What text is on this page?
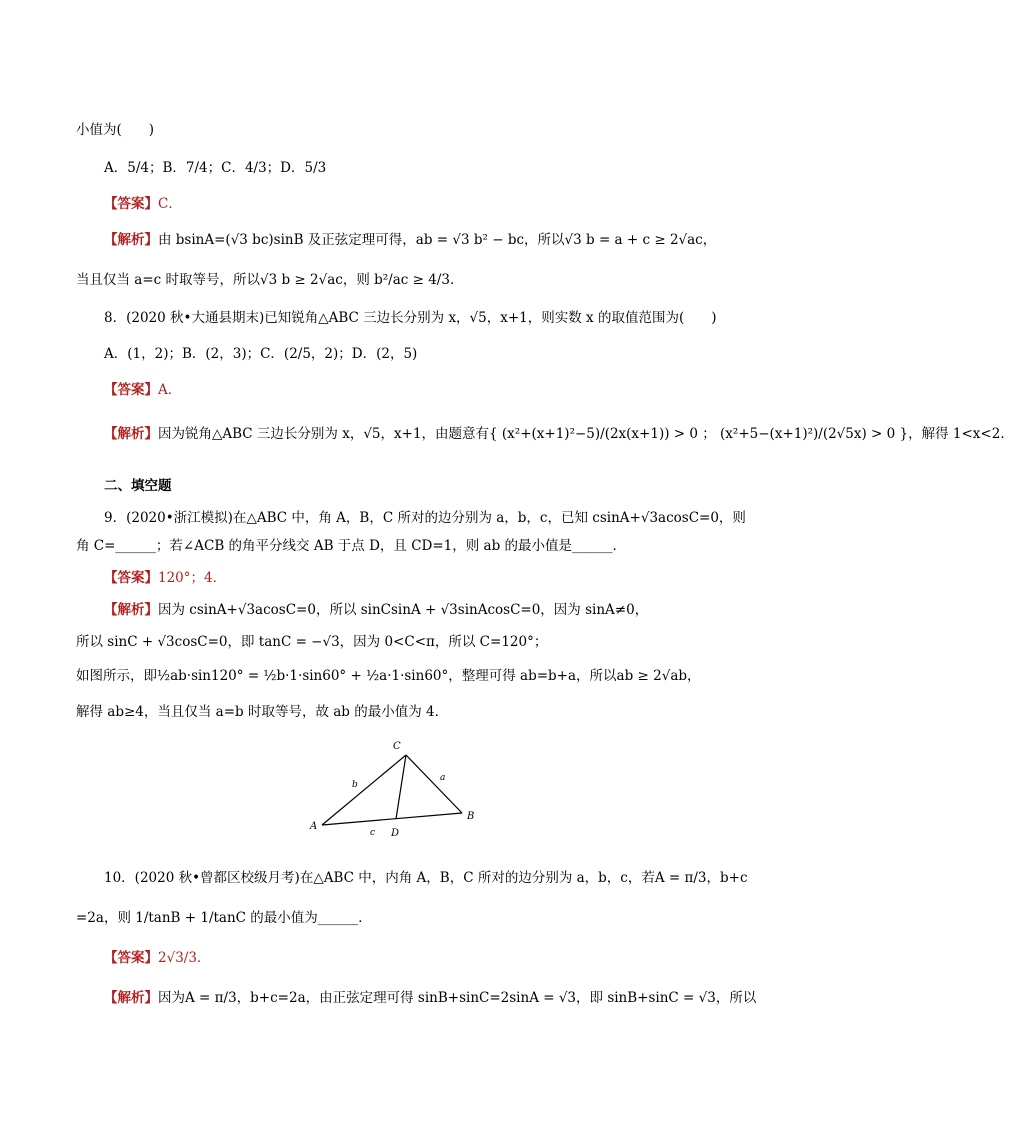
小值为(　　)
A．5/4；B．7/4；C．4/3；D．5/3
【答案】C．
【解析】由 bsinA=(√3 bc)sinB 及正弦定理可得，ab = √3 b² − bc，所以√3 b = a + c ≥ 2√ac，
当且仅当 a=c 时取等号，所以√3 b ≥ 2√ac，则 b²/ac ≥ 4/3．
8．(2020 秋•大通县期末)已知锐角△ABC 三边长分别为 x，√5，x+1，则实数 x 的取值范围为(　　)
A．(1，2)；B．(2，3)；C．(2/5，2)；D．(2，5)
【答案】A．
【解析】因为锐角△ABC 三边长分别为 x，√5，x+1，由题意有{ (x²+(x+1)²−5)/(2x(x+1)) > 0 ； (x²+5−(x+1)²)/(2√5x) > 0 }，解得 1<x<2．
二、填空题
9．(2020•浙江模拟)在△ABC 中，角 A，B，C 所对的边分别为 a，b，c，已知 csinA+√3acosC=0，则
角 C=______；若∠ACB 的角平分线交 AB 于点 D，且 CD=1，则 ab 的最小值是______．
【答案】120°；4．
【解析】因为 csinA+√3acosC=0，所以 sinCsinA + √3sinAcosC=0，因为 sinA≠0，
所以 sinC + √3cosC=0，即 tanC = −√3，因为 0<C<π，所以 C=120°；
如图所示，即½ab·sin120° = ½b·1·sin60° + ½a·1·sin60°，整理可得 ab=b+a，所以ab ≥ 2√ab，
解得 ab≥4，当且仅当 a=b 时取等号，故 ab 的最小值为 4．
C
A
B
D
a
b
c
10．(2020 秋•曾都区校级月考)在△ABC 中，内角 A，B，C 所对的边分别为 a，b，c，若A = π/3，b+c
=2a，则 1/tanB + 1/tanC 的最小值为______．
【答案】2√3/3．
【解析】因为A = π/3，b+c=2a，由正弦定理可得 sinB+sinC=2sinA = √3，即 sinB+sinC = √3，所以
